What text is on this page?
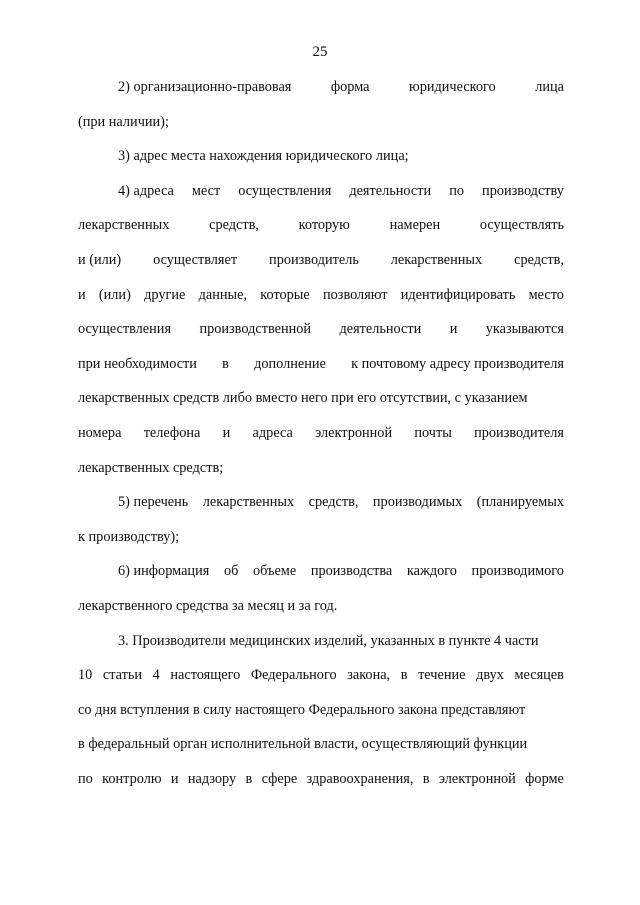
25
2) организационно-правовая	форма	юридического	лица
(при наличии);
3) адрес места нахождения юридического лица;
4) адреса мест осуществления деятельности по производству
лекарственных	средств,	которую	намерен	осуществлять
и (или) осуществляет производитель лекарственных средств,
и (или) другие данные, которые позволяют идентифицировать место
осуществления производственной деятельности и указываются
при необходимости в дополнение к почтовому адресу производителя
лекарственных средств либо вместо него при его отсутствии, с указанием
номера телефона и адреса электронной почты производителя
лекарственных средств;
5) перечень лекарственных средств, производимых (планируемых
к производству);
6) информация об объеме производства каждого производимого
лекарственного средства за месяц и за год.
3. Производители медицинских изделий, указанных в пункте 4 части
10 статьи 4 настоящего Федерального закона, в течение двух месяцев
со дня вступления в силу настоящего Федерального закона представляют
в федеральный орган исполнительной власти, осуществляющий функции
по контролю и надзору в сфере здравоохранения, в электронной форме
